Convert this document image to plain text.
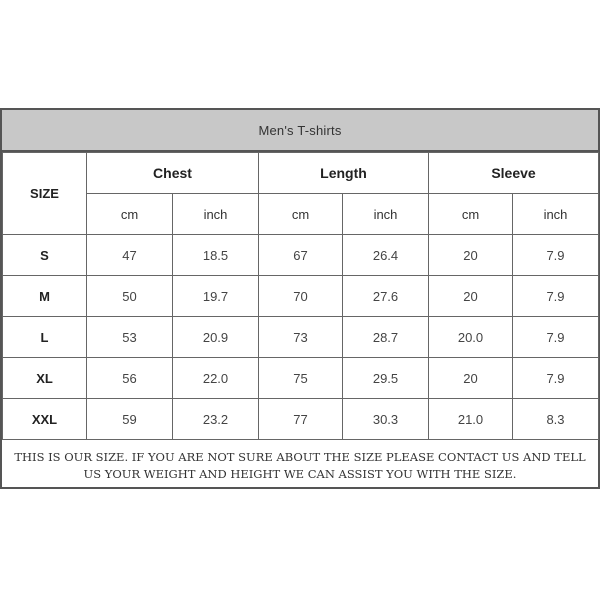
Men's T-shirts
SIZE	Chest		Length		Sleeve	
	cm	inch	cm	inch	cm	inch
S	47	18.5	67	26.4	20	7.9
M	50	19.7	70	27.6	20	7.9
L	53	20.9	73	28.7	20.0	7.9
XL	56	22.0	75	29.5	20	7.9
XXL	59	23.2	77	30.3	21.0	8.3
THIS IS OUR SIZE. IF YOU ARE NOT SURE ABOUT THE SIZE PLEASE CONTACT US AND TELL
US YOUR WEIGHT AND HEIGHT WE CAN ASSIST YOU WITH THE SIZE.
